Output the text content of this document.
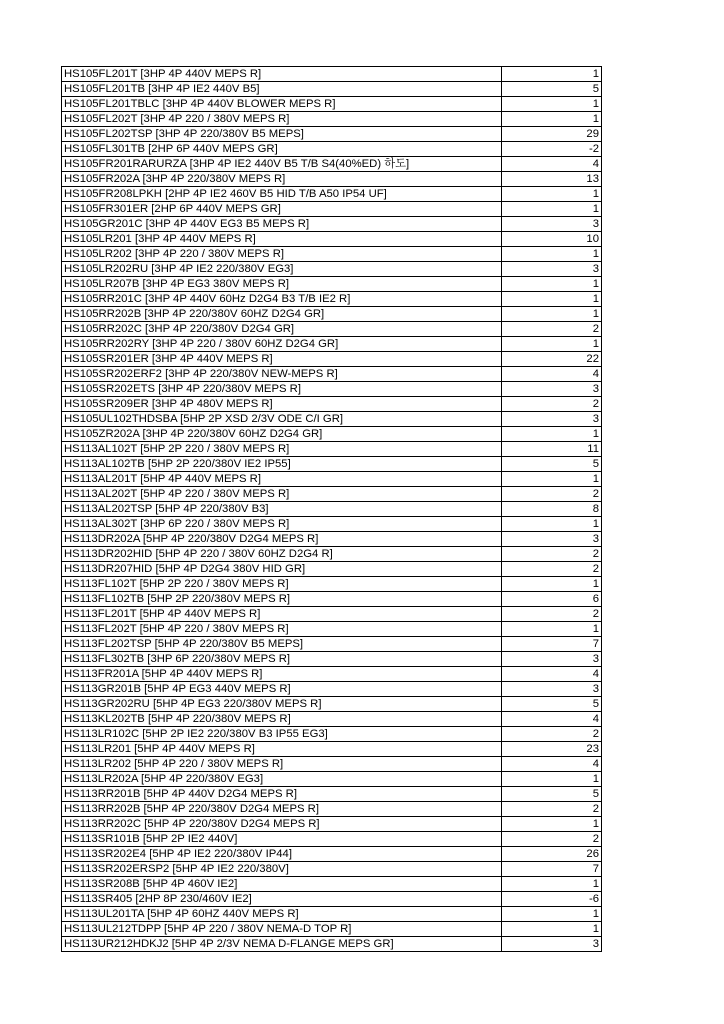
HS105FL201T [3HP 4P 440V MEPS R]	1
HS105FL201TB [3HP 4P IE2 440V B5]	5
HS105FL201TBLC [3HP 4P 440V BLOWER MEPS R]	1
HS105FL202T [3HP 4P 220 / 380V MEPS R]	1
HS105FL202TSP [3HP 4P 220/380V B5 MEPS]	29
HS105FL301TB [2HP 6P 440V MEPS GR]	-2
HS105FR201RARURZA [3HP 4P IE2 440V B5 T/B S4(40%ED) 하도]	4
HS105FR202A [3HP 4P 220/380V MEPS R]	13
HS105FR208LPKH [2HP 4P IE2 460V B5 HID T/B A50 IP54 UF]	1
HS105FR301ER [2HP 6P 440V MEPS GR]	1
HS105GR201C [3HP 4P 440V EG3 B5 MEPS R]	3
HS105LR201 [3HP 4P 440V MEPS R]	10
HS105LR202 [3HP 4P 220 / 380V MEPS R]	1
HS105LR202RU [3HP 4P IE2 220/380V EG3]	3
HS105LR207B [3HP 4P EG3 380V MEPS R]	1
HS105RR201C [3HP 4P 440V 60Hz D2G4 B3 T/B IE2 R]	1
HS105RR202B [3HP 4P 220/380V 60HZ D2G4 GR]	1
HS105RR202C [3HP 4P 220/380V D2G4 GR]	2
HS105RR202RY [3HP 4P 220 / 380V 60HZ D2G4 GR]	1
HS105SR201ER [3HP 4P 440V MEPS R]	22
HS105SR202ERF2 [3HP 4P 220/380V NEW-MEPS R]	4
HS105SR202ETS [3HP 4P 220/380V MEPS R]	3
HS105SR209ER [3HP 4P 480V MEPS R]	2
HS105UL102THDSBA [5HP 2P XSD 2/3V ODE C/I GR]	3
HS105ZR202A [3HP 4P 220/380V 60HZ D2G4 GR]	1
HS113AL102T [5HP 2P 220 / 380V MEPS R]	11
HS113AL102TB [5HP 2P 220/380V IE2 IP55]	5
HS113AL201T [5HP 4P 440V MEPS R]	1
HS113AL202T [5HP 4P 220 / 380V MEPS R]	2
HS113AL202TSP [5HP 4P 220/380V B3]	8
HS113AL302T [3HP 6P 220 / 380V MEPS R]	1
HS113DR202A [5HP 4P 220/380V D2G4 MEPS R]	3
HS113DR202HID [5HP 4P 220 / 380V 60HZ D2G4 R]	2
HS113DR207HID [5HP 4P D2G4 380V HID GR]	2
HS113FL102T [5HP 2P 220 / 380V MEPS R]	1
HS113FL102TB [5HP 2P 220/380V MEPS R]	6
HS113FL201T [5HP 4P 440V MEPS R]	2
HS113FL202T [5HP 4P 220 / 380V MEPS R]	1
HS113FL202TSP [5HP 4P 220/380V B5 MEPS]	7
HS113FL302TB [3HP 6P 220/380V MEPS R]	3
HS113FR201A [5HP 4P 440V MEPS R]	4
HS113GR201B [5HP 4P EG3 440V MEPS R]	3
HS113GR202RU [5HP 4P EG3 220/380V MEPS R]	5
HS113KL202TB [5HP 4P 220/380V MEPS R]	4
HS113LR102C [5HP 2P IE2 220/380V B3 IP55 EG3]	2
HS113LR201 [5HP 4P 440V MEPS R]	23
HS113LR202 [5HP 4P 220 / 380V MEPS R]	4
HS113LR202A [5HP 4P 220/380V EG3]	1
HS113RR201B [5HP 4P 440V D2G4 MEPS R]	5
HS113RR202B [5HP 4P 220/380V D2G4 MEPS R]	2
HS113RR202C [5HP 4P 220/380V D2G4 MEPS R]	1
HS113SR101B [5HP 2P IE2 440V]	2
HS113SR202E4 [5HP 4P IE2 220/380V IP44]	26
HS113SR202ERSP2 [5HP 4P IE2 220/380V]	7
HS113SR208B [5HP 4P 460V IE2]	1
HS113SR405 [2HP 8P 230/460V IE2]	-6
HS113UL201TA [5HP 4P 60HZ 440V MEPS R]	1
HS113UL212TDPP [5HP 4P 220 / 380V NEMA-D TOP R]	1
HS113UR212HDKJ2 [5HP 4P 2/3V NEMA D-FLANGE MEPS GR]	3
